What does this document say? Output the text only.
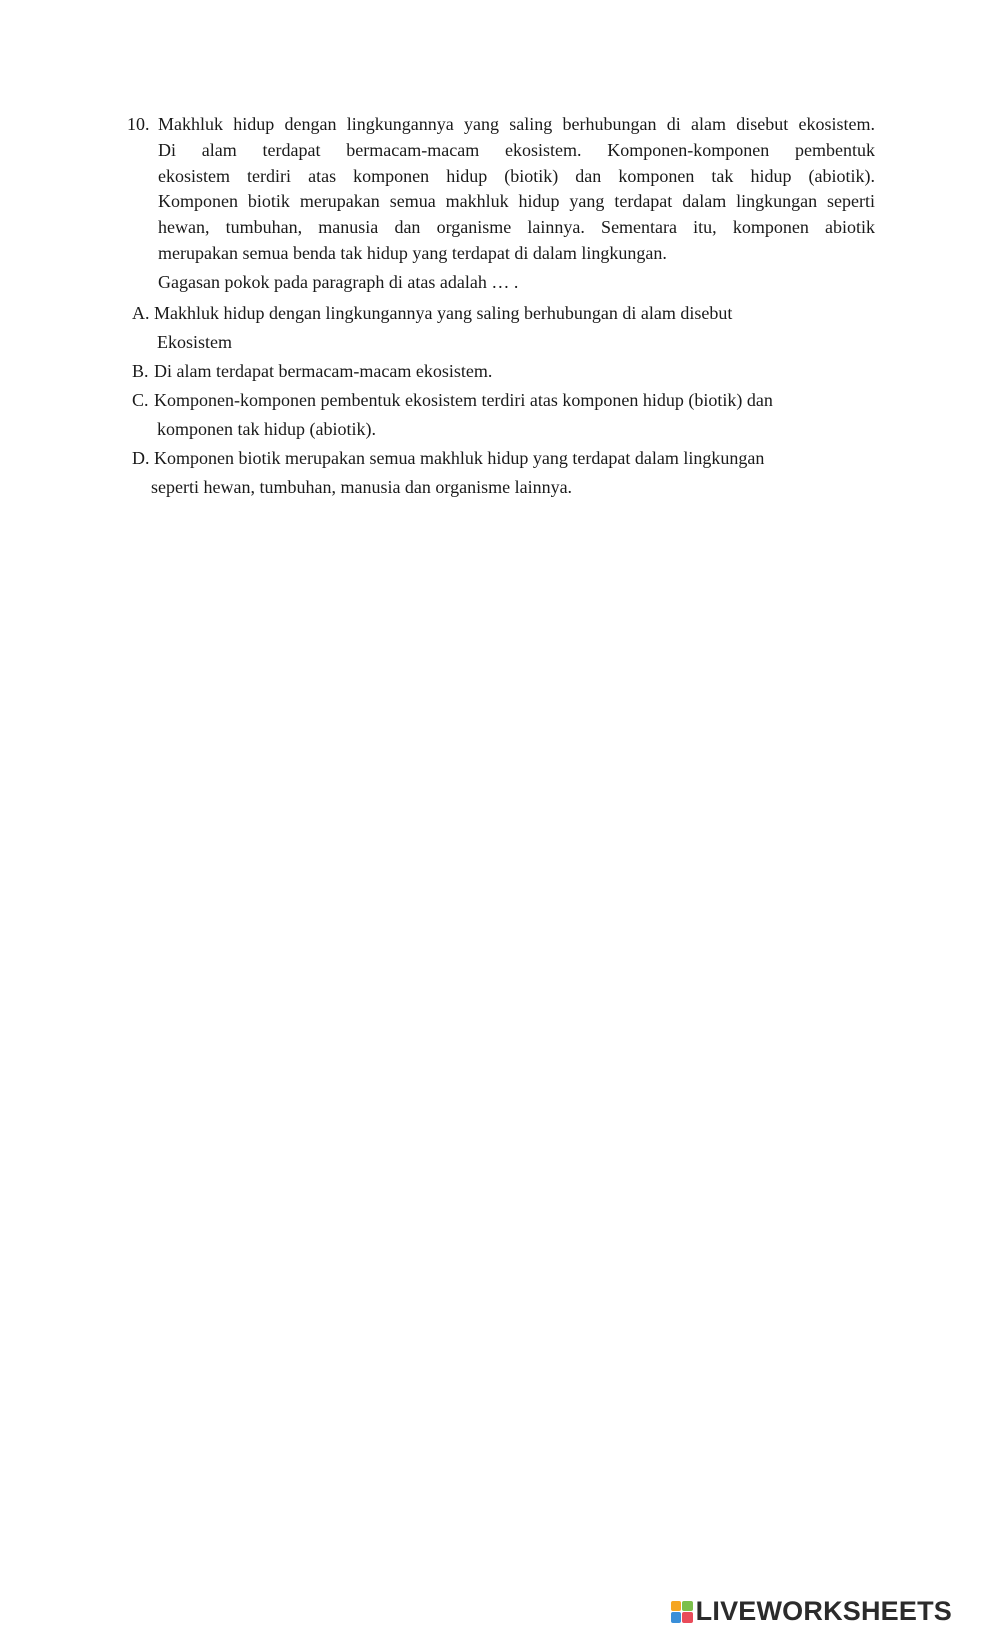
10. Makhluk hidup dengan lingkungannya yang saling berhubungan di alam disebut ekosistem.
Di alam terdapat bermacam-macam ekosistem. Komponen-komponen pembentuk
ekosistem terdiri atas komponen hidup (biotik) dan komponen tak hidup (abiotik).
Komponen biotik merupakan semua makhluk hidup yang terdapat dalam lingkungan seperti
hewan, tumbuhan, manusia dan organisme lainnya. Sementara itu, komponen abiotik
merupakan semua benda tak hidup yang terdapat di dalam lingkungan.
Gagasan pokok pada paragraph di atas adalah … .
A. Makhluk hidup dengan lingkungannya yang saling berhubungan di alam disebut
Ekosistem
B. Di alam terdapat bermacam-macam ekosistem.
C. Komponen-komponen pembentuk ekosistem terdiri atas komponen hidup (biotik) dan
komponen tak hidup (abiotik).
D. Komponen biotik merupakan semua makhluk hidup yang terdapat dalam lingkungan
seperti hewan, tumbuhan, manusia dan organisme lainnya.
LIVEWORKSHEETS
